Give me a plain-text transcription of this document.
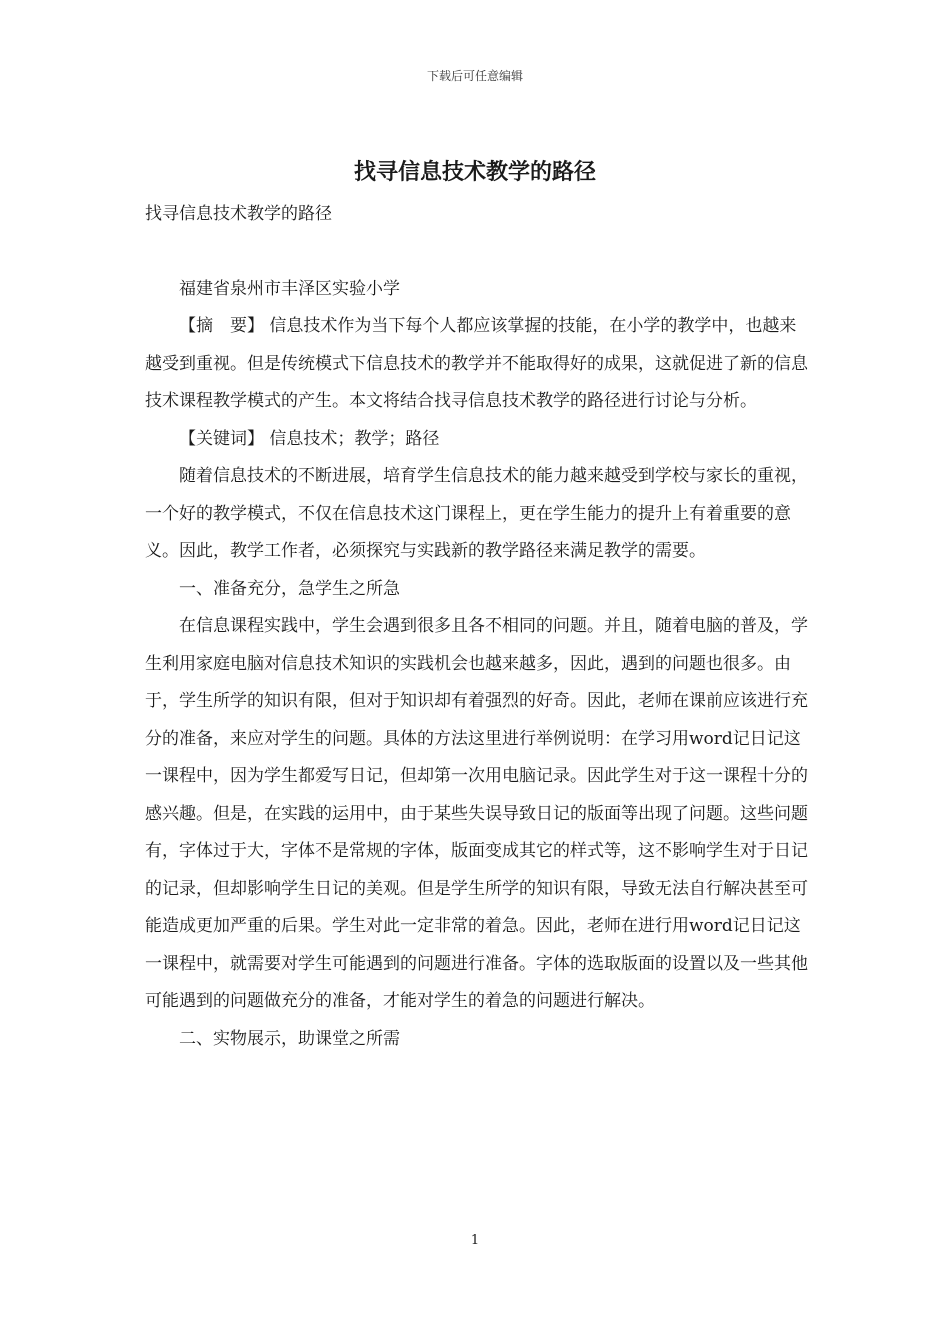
下载后可任意编辑
找寻信息技术教学的路径

找寻信息技术教学的路径

福建省泉州市丰泽区实验小学

【摘　要】 信息技术作为当下每个人都应该掌握的技能，在小学的教学中，也越来越受到重视。但是传统模式下信息技术的教学并不能取得好的成果，这就促进了新的信息技术课程教学模式的产生。本文将结合找寻信息技术教学的路径进行讨论与分析。

【关键词】 信息技术；教学；路径

随着信息技术的不断进展，培育学生信息技术的能力越来越受到学校与家长的重视，一个好的教学模式，不仅在信息技术这门课程上，更在学生能力的提升上有着重要的意义。因此，教学工作者，必须探究与实践新的教学路径来满足教学的需要。

一、准备充分，急学生之所急

在信息课程实践中，学生会遇到很多且各不相同的问题。并且，随着电脑的普及，学生利用家庭电脑对信息技术知识的实践机会也越来越多，因此，遇到的问题也很多。由于，学生所学的知识有限，但对于知识却有着强烈的好奇。因此，老师在课前应该进行充分的准备，来应对学生的问题。具体的方法这里进行举例说明：在学习用word记日记这一课程中，因为学生都爱写日记，但却第一次用电脑记录。因此学生对于这一课程十分的感兴趣。但是，在实践的运用中，由于某些失误导致日记的版面等出现了问题。这些问题有，字体过于大，字体不是常规的字体，版面变成其它的样式等，这不影响学生对于日记的记录，但却影响学生日记的美观。但是学生所学的知识有限，导致无法自行解决甚至可能造成更加严重的后果。学生对此一定非常的着急。因此，老师在进行用word记日记这一课程中，就需要对学生可能遇到的问题进行准备。字体的选取版面的设置以及一些其他可能遇到的问题做充分的准备，才能对学生的着急的问题进行解决。

二、实物展示，助课堂之所需

1
